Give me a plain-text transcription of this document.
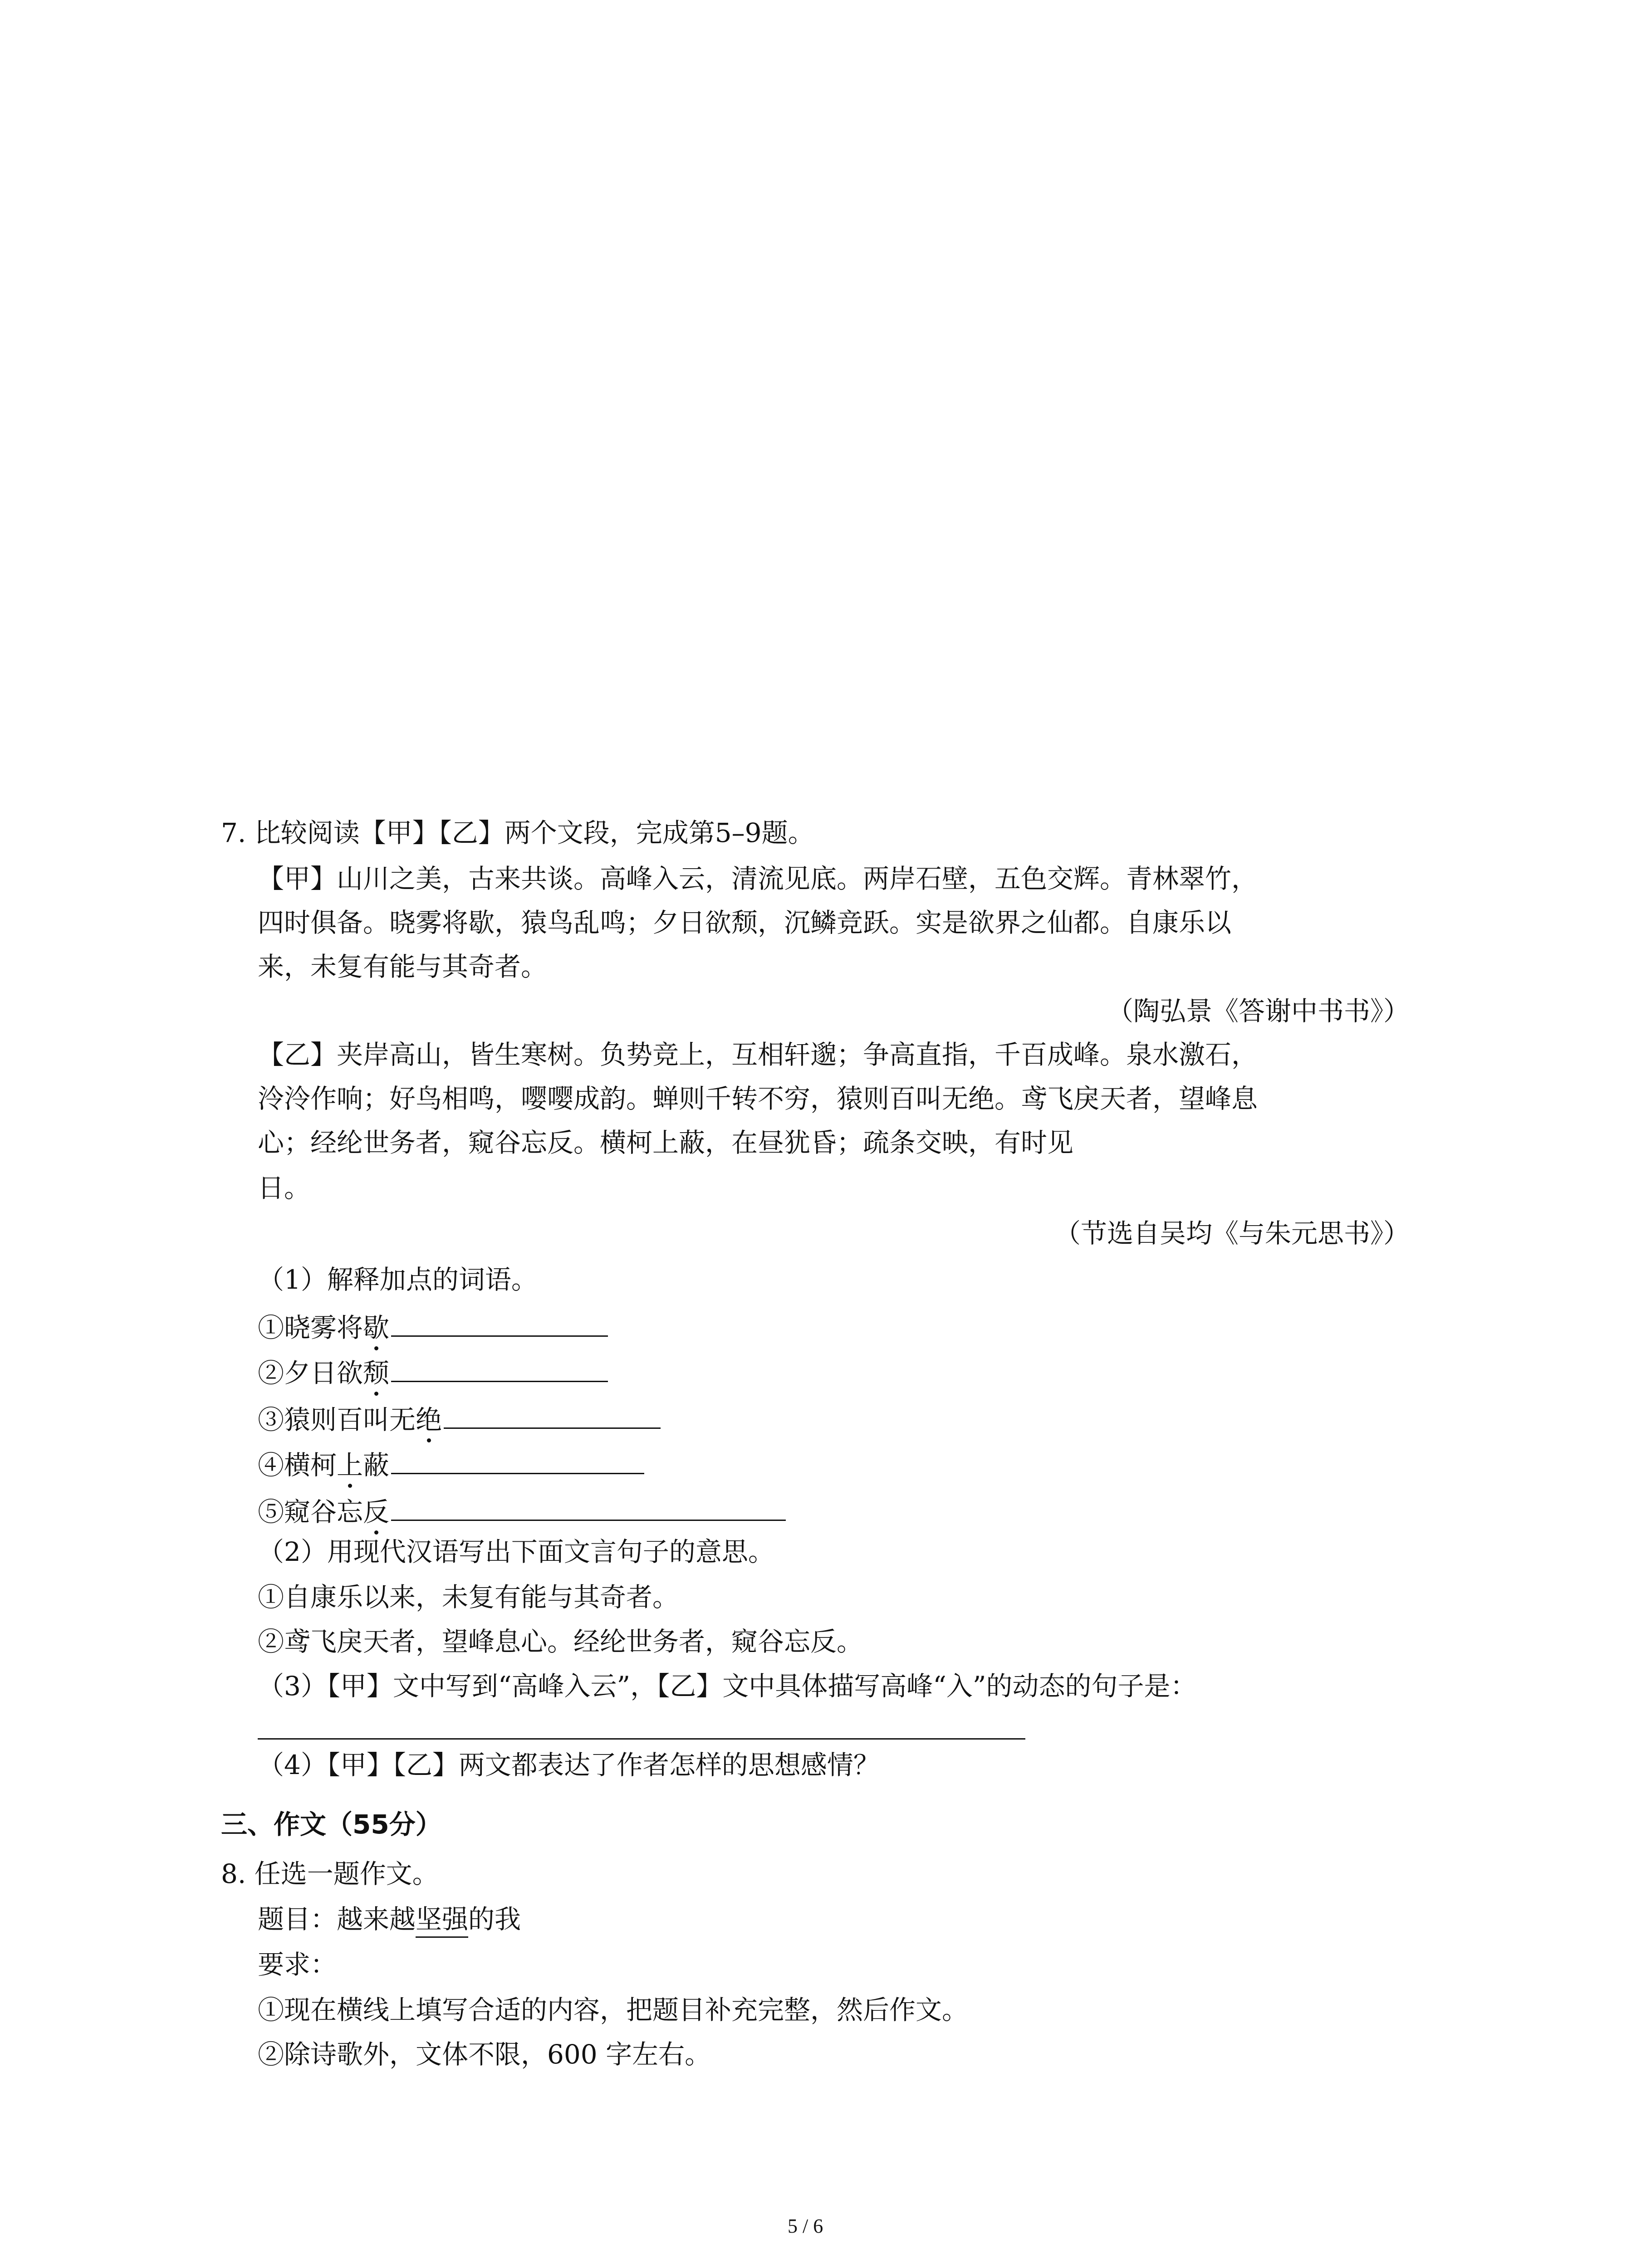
7. 比较阅读【甲】【乙】两个文段，完成第5–9题。
【甲】山川之美，古来共谈。高峰入云，清流见底。两岸石壁，五色交辉。青林翠竹，
四时俱备。晓雾将歇，猿鸟乱鸣；夕日欲颓，沉鳞竞跃。实是欲界之仙都。自康乐以
来，未复有能与其奇者。
（陶弘景《答谢中书书》）
【乙】夹岸高山，皆生寒树。负势竞上，互相轩邈；争高直指，千百成峰。泉水激石，
泠泠作响；好鸟相鸣，嘤嘤成韵。蝉则千转不穷，猿则百叫无绝。鸢飞戾天者，望峰息
心；经纶世务者，窥谷忘反。横柯上蔽，在昼犹昏；疏条交映，有时见
日。
（节选自吴均《与朱元思书》）
（1）解释加点的词语。
①晓雾将歇
②夕日欲颓
③猿则百叫无绝
④横柯上蔽
⑤窥谷忘反
（2）用现代汉语写出下面文言句子的意思。
①自康乐以来，未复有能与其奇者。
②鸢飞戾天者，望峰息心。经纶世务者，窥谷忘反。
（3）【甲】文中写到“高峰入云”，【乙】文中具体描写高峰“入”的动态的句子是：
（4）【甲】【乙】两文都表达了作者怎样的思想感情？
三、作文（55分）
8. 任选一题作文。
题目：越来越坚强的我
要求：
①现在横线上填写合适的内容，把题目补充完整，然后作文。
②除诗歌外，文体不限，600 字左右。
5 / 6
